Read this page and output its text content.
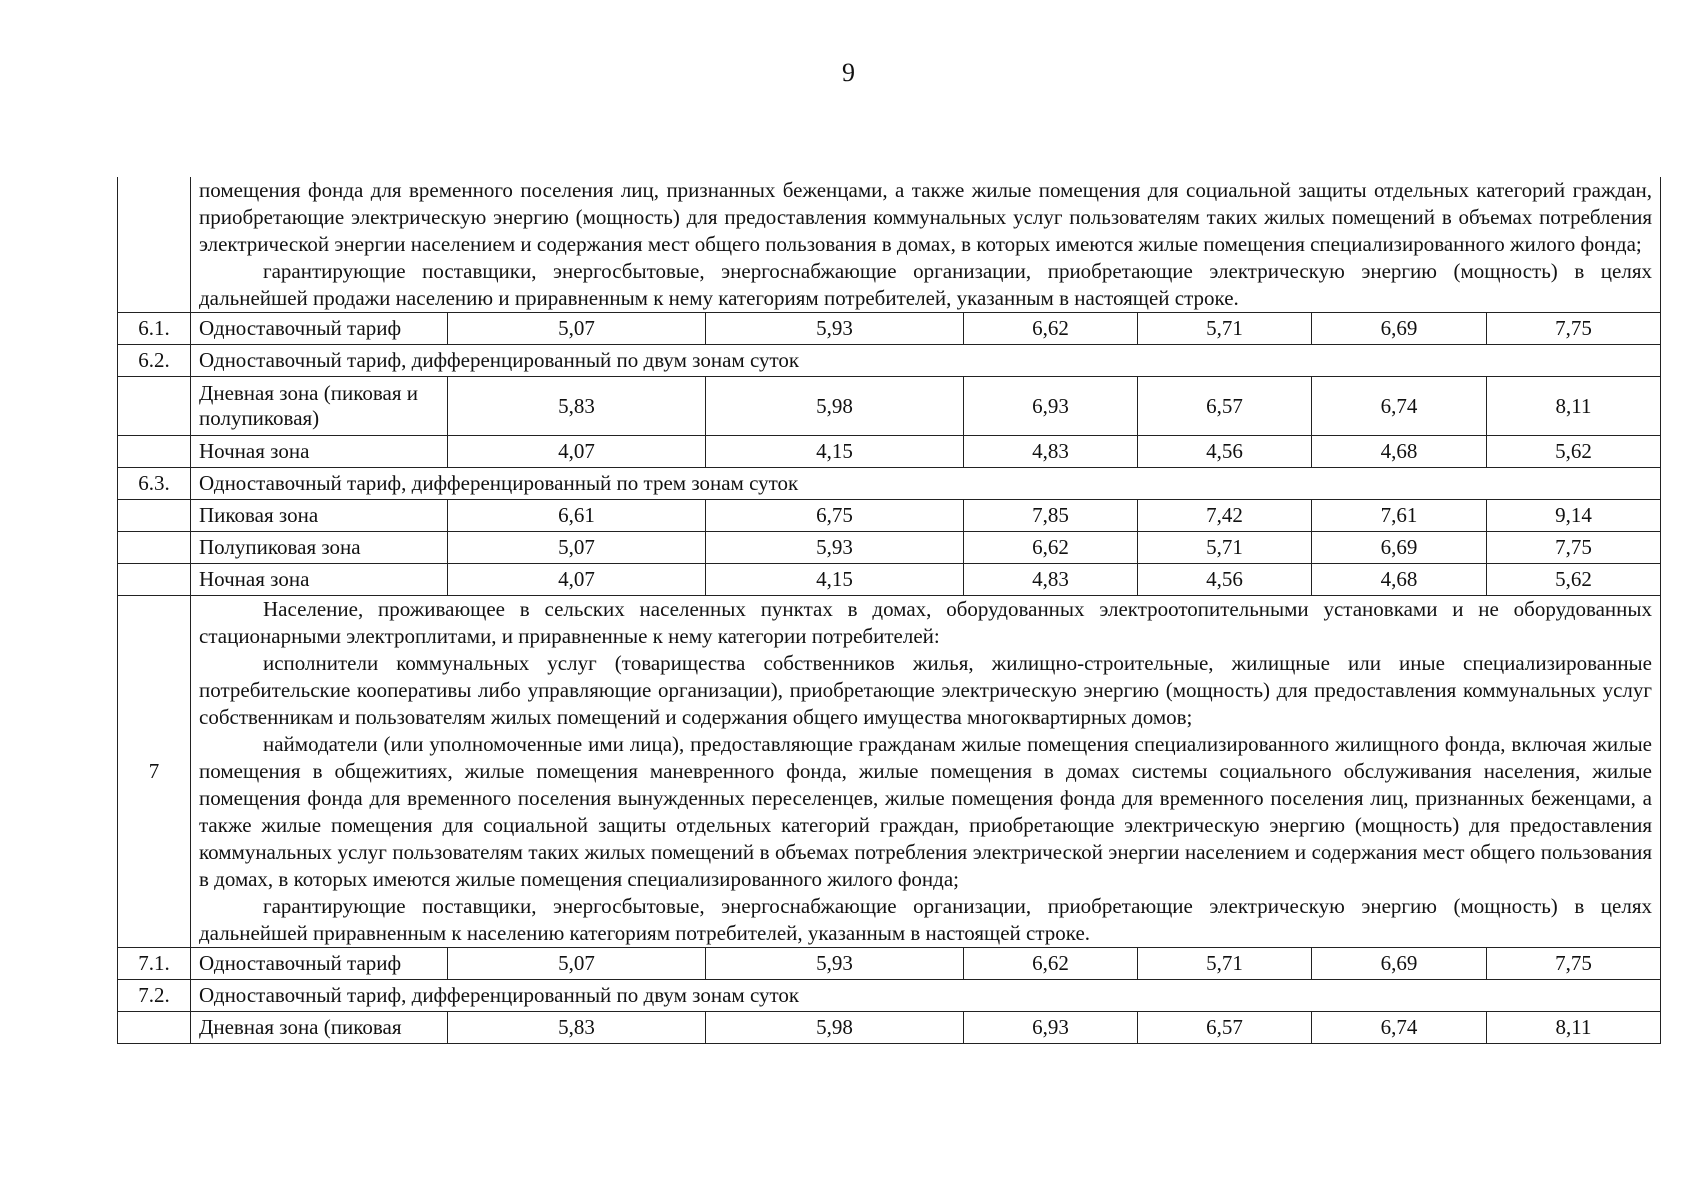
9

	помещения фонда для временного поселения лиц, признанных беженцами, а также жилые помещения для социальной защиты отдельных категорий граждан, приобретающие электрическую энергию (мощность) для предоставления коммунальных услуг пользователям таких жилых помещений в объемах потребления электрической энергии населением и содержания мест общего пользования в домах, в которых имеются жилые помещения специализированного жилого фонда;

гарантирующие поставщики, энергосбытовые, энергоснабжающие организации, приобретающие электрическую энергию (мощность) в целях дальнейшей продажи населению и приравненным к нему категориям потребителей, указанным в настоящей строке.						

6.1.	Одноставочный тариф	5,07	5,93	6,62	5,71	6,69	7,75
6.2.	Одноставочный тариф, дифференцированный по двум зонам суток						
	Дневная зона (пиковая и полупиковая)	5,83	5,98	6,93	6,57	6,74	8,11
	Ночная зона	4,07	4,15	4,83	4,56	4,68	5,62
6.3.	Одноставочный тариф, дифференцированный по трем зонам суток						
	Пиковая зона	6,61	6,75	7,85	7,42	7,61	9,14
	Полупиковая зона	5,07	5,93	6,62	5,71	6,69	7,75
	Ночная зона	4,07	4,15	4,83	4,56	4,68	5,62
7	Население, проживающее в сельских населенных пунктах в домах, оборудованных электроотопительными установками и не оборудованных стационарными электроплитами, и приравненные к нему категории потребителей:

исполнители коммунальных услуг (товарищества собственников жилья, жилищно-строительные, жилищные или иные специализированные потребительские кооперативы либо управляющие организации), приобретающие электрическую энергию (мощность) для предоставления коммунальных услуг собственникам и пользователям жилых помещений и содержания общего имущества многоквартирных домов;

наймодатели (или уполномоченные ими лица), предоставляющие гражданам жилые помещения специализированного жилищного фонда, включая жилые помещения в общежитиях, жилые помещения маневренного фонда, жилые помещения в домах системы социального обслуживания населения, жилые помещения фонда для временного поселения вынужденных переселенцев, жилые помещения фонда для временного поселения лиц, признанных беженцами, а также жилые помещения для социальной защиты отдельных категорий граждан, приобретающие электрическую энергию (мощность) для предоставления коммунальных услуг пользователям таких жилых помещений в объемах потребления электрической энергии населением и содержания мест общего пользования в домах, в которых имеются жилые помещения специализированного жилого фонда;

гарантирующие поставщики, энергосбытовые, энергоснабжающие организации, приобретающие электрическую энергию (мощность) в целях дальнейшей приравненным к населению категориям потребителей, указанным в настоящей строке.						

7.1.	Одноставочный тариф	5,07	5,93	6,62	5,71	6,69	7,75
7.2.	Одноставочный тариф, дифференцированный по двум зонам суток						
	Дневная зона (пиковая	5,83	5,98	6,93	6,57	6,74	8,11
